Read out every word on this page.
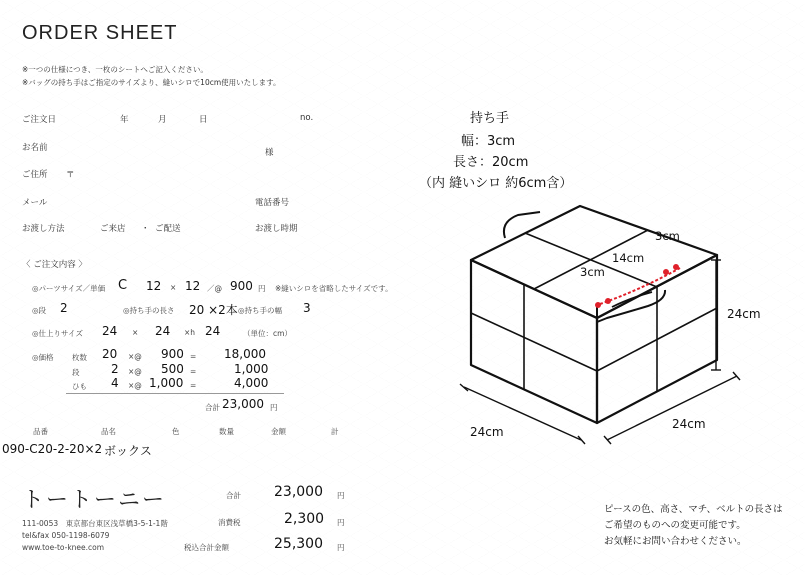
ORDER SHEET
※一つの仕様につき、一枚のシートへご記入ください。
※バッグの持ち手はご指定のサイズより、縫いシロで10cm使用いたします。
ご注文日	年	月	日	no.
お名前	様
ご住所 〒
メール	電話番号
お渡し方法	ご来店 ・ ご配送	お渡し時期
〈 ご注文内容 〉
◎パーツサイズ／単価 C 12 × 12 ／@ 900 円 ※縫いシロを省略したサイズです。
◎段 2	◎持ち手の長さ 20 ×2本 ◎持ち手の幅 3
◎仕上りサイズ 24 × 24 ×h 24	（単位：cm）
◎価格 枚数 20 ×@ 900 = 18,000
段	2 ×@ 500 =	1,000
ひも 4 ×@ 1,000 =	4,000
合計 23,000 円
品番	品名	色	数量	金額	計
090-C20-2-20×2 ボックス
トートーニー
111-0053　東京都台東区浅草橋3-5-1-1階
tel&fax 050-1198-6079
www.toe-to-knee.com
合計 23,000 円
消費税	2,300 円
税込合計金額	25,300 円
持ち手
幅：3cm
長さ：20cm
（内 縫いシロ 約6cm含）
3cm
14cm
3cm
24cm
24cm
24cm
ピースの色、高さ、マチ、ベルトの長さは
ご希望のものへの変更可能です。
お気軽にお問い合わせください。
